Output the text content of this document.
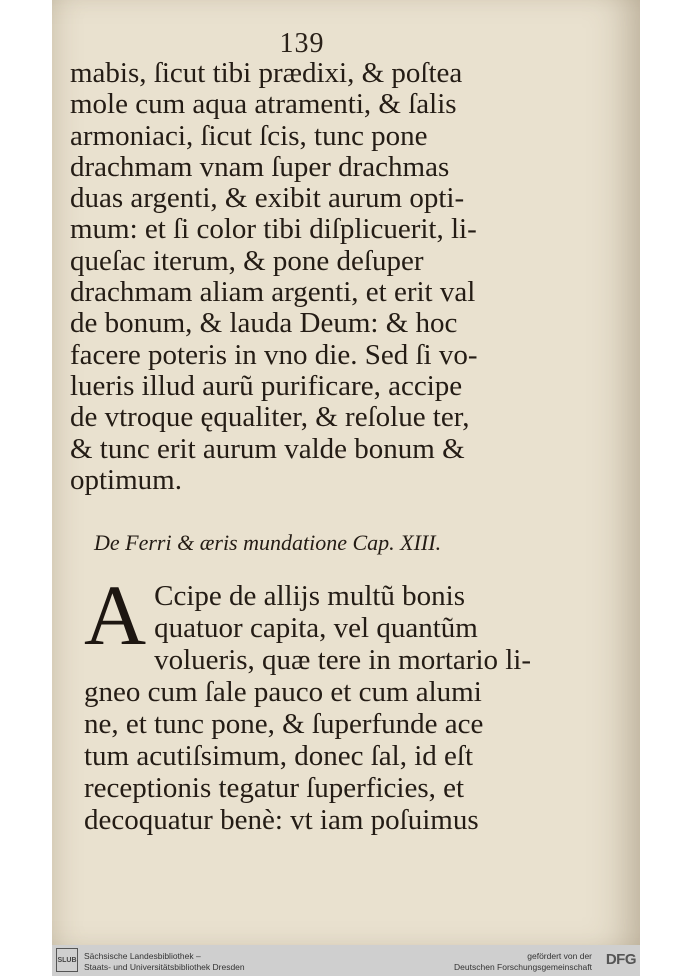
139
mabis, ſicut tibi prædixi, & poſtea
mole cum aqua atramenti, & ſalis
armoniaci, ſicut ſcis, tunc pone
drachmam vnam ſuper drachmas
duas argenti, & exibit aurum opti-
mum: et ſi color tibi diſplicuerit, li-
queſac iterum, & pone deſuper
drachmam aliam argenti, et erit val
de bonum, & lauda Deum: & hoc
facere poteris in vno die. Sed ſi vo-
lueris illud aurũ purificare, accipe
de vtroque ęqualiter, & reſolue ter,
& tunc erit aurum valde bonum &
optimum.
De Ferri & æris mundatione Cap. XIII.
A Ccipe de allijs multũ bonis
quatuor capita, vel quantũm
volueris, quæ tere in mortario li-
gneo cum ſale pauco et cum alumi
ne, et tunc pone, & ſuperfunde ace
tum acutiſsimum, donec ſal, id eſt
receptionis tegatur ſuperficies, et
decoquatur benè: vt iam poſuimus
SLUB Sächsische Landesbibliothek –
Staats- und Universitätsbibliothek Dresden
gefördert von der
Deutschen Forschungsgemeinschaft DFG
